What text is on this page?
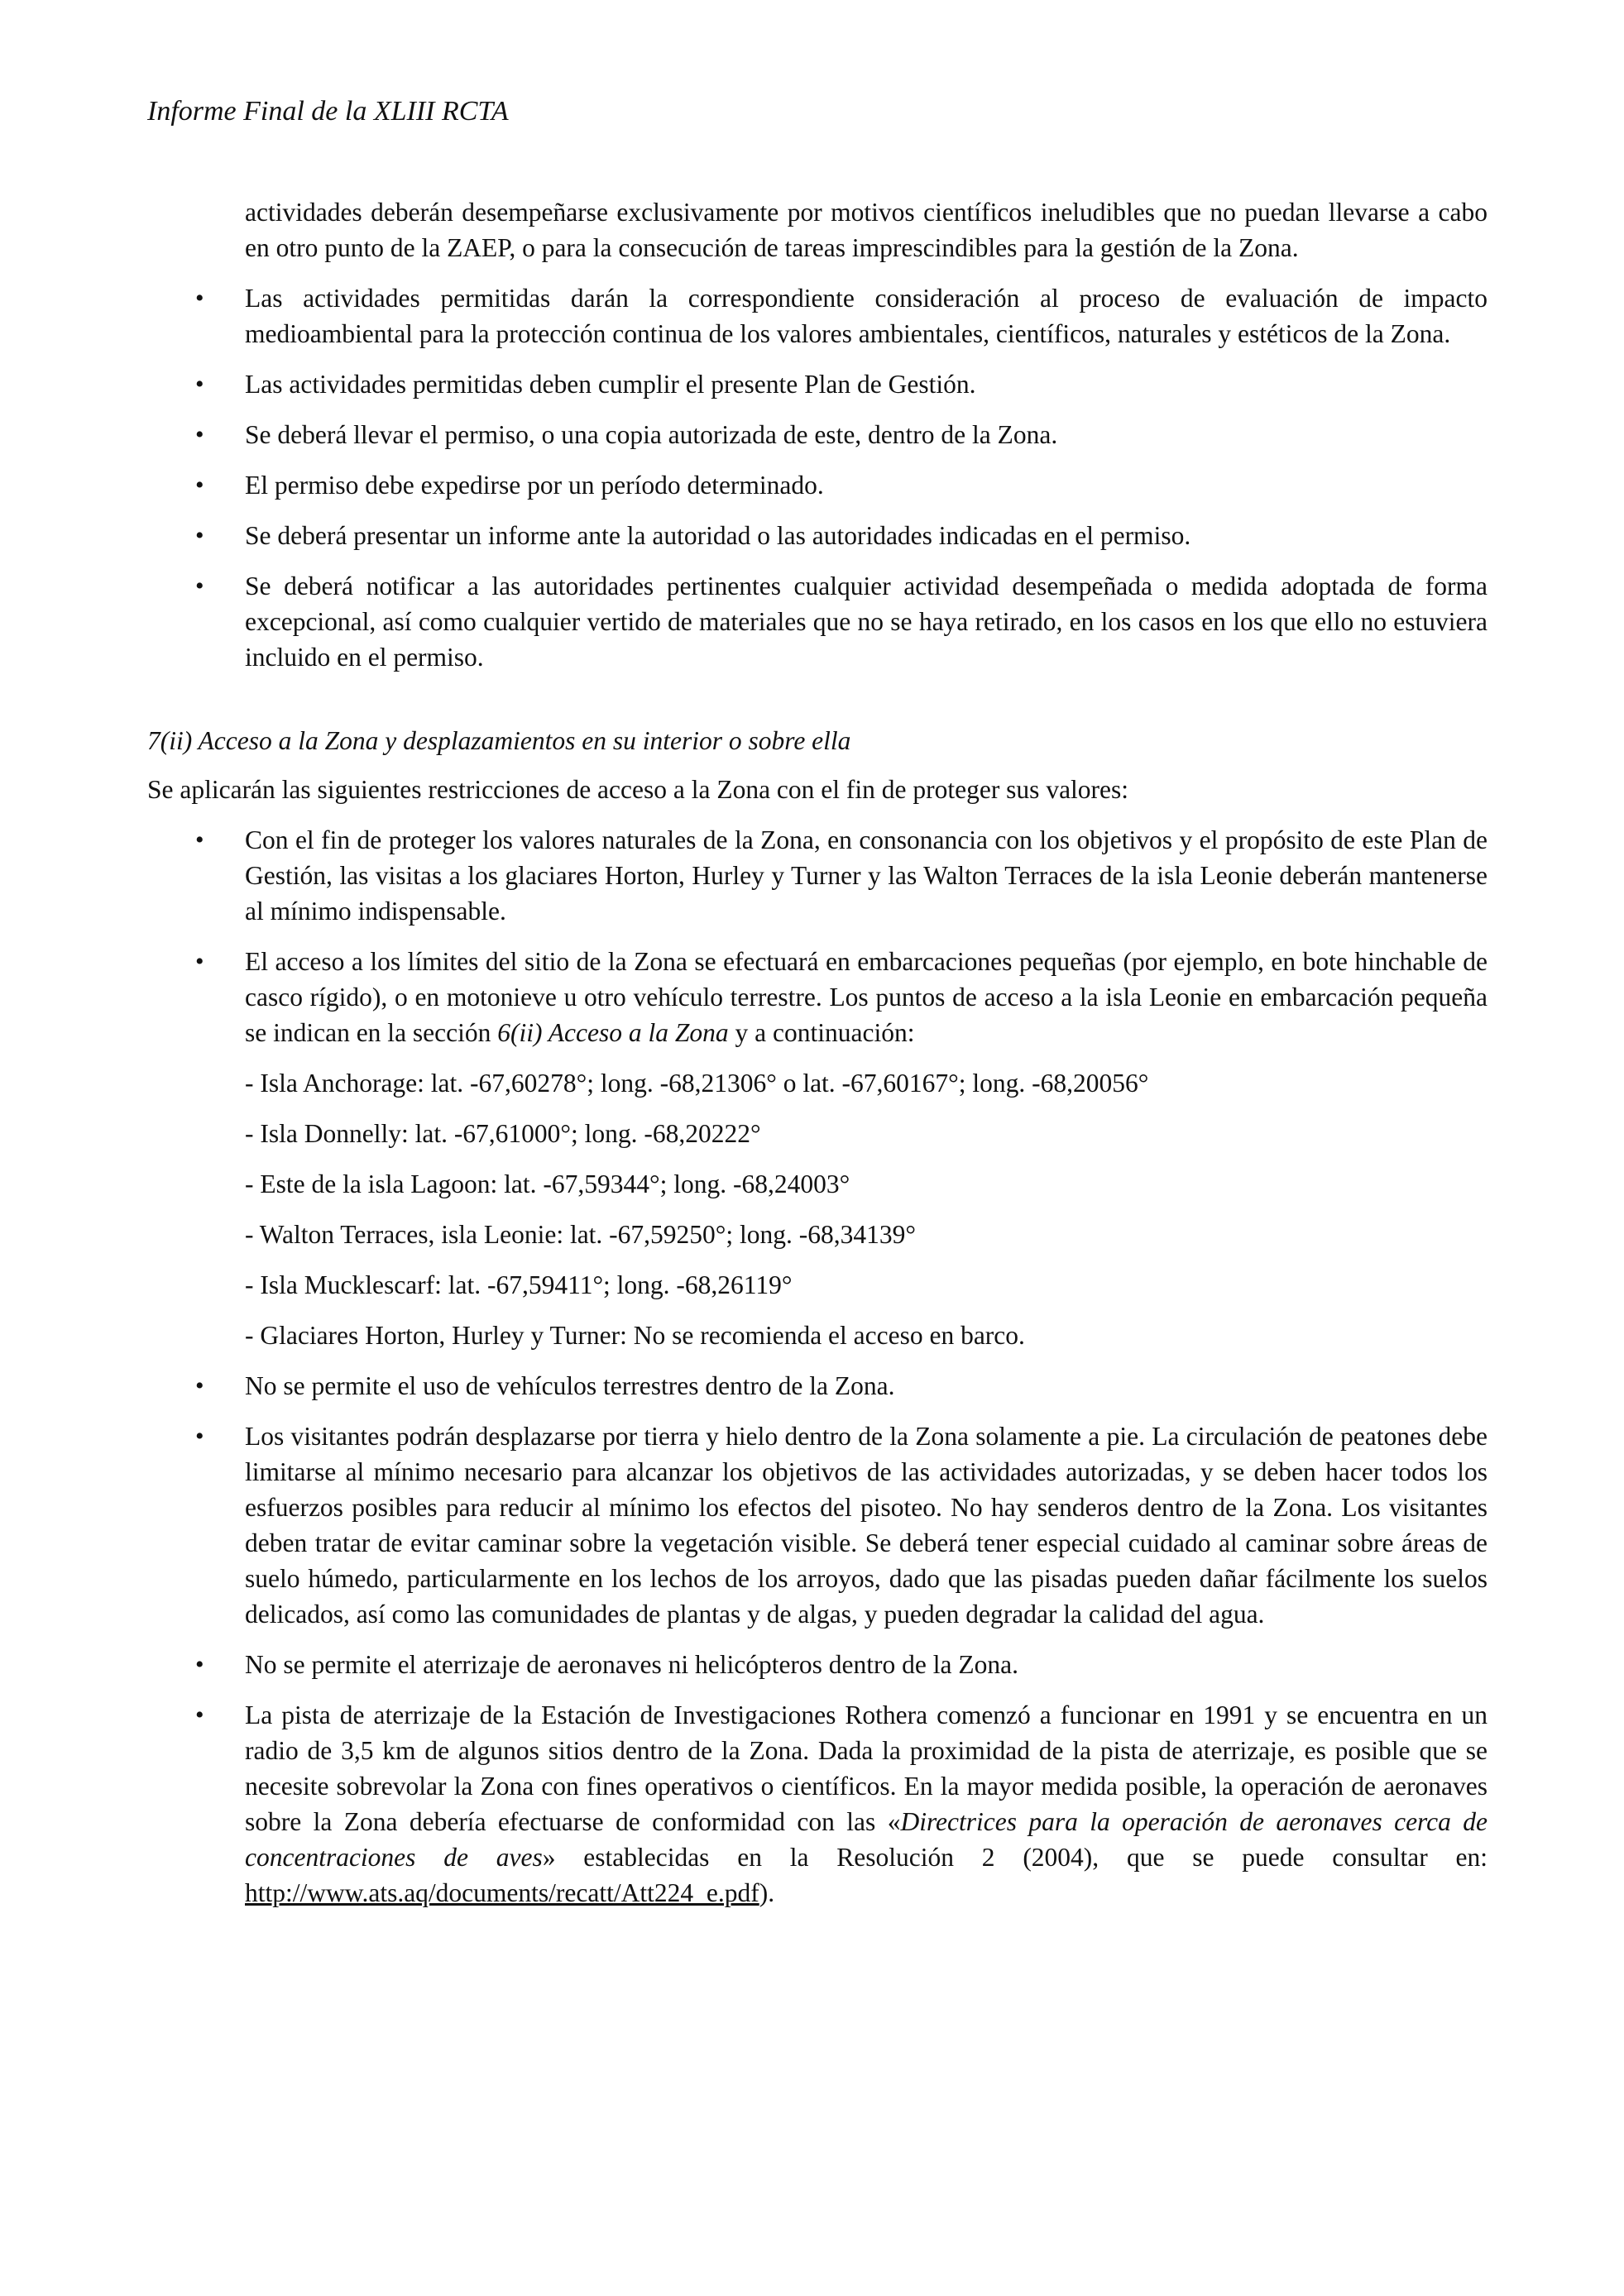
Informe Final de la XLIII RCTA

actividades deberán desempeñarse exclusivamente por motivos científicos ineludibles que no puedan llevarse a cabo en otro punto de la ZAEP, o para la consecución de tareas imprescindibles para la gestión de la Zona.

• Las actividades permitidas darán la correspondiente consideración al proceso de evaluación de impacto medioambiental para la protección continua de los valores ambientales, científicos, naturales y estéticos de la Zona.
• Las actividades permitidas deben cumplir el presente Plan de Gestión.
• Se deberá llevar el permiso, o una copia autorizada de este, dentro de la Zona.
• El permiso debe expedirse por un período determinado.
• Se deberá presentar un informe ante la autoridad o las autoridades indicadas en el permiso.
• Se deberá notificar a las autoridades pertinentes cualquier actividad desempeñada o medida adoptada de forma excepcional, así como cualquier vertido de materiales que no se haya retirado, en los casos en los que ello no estuviera incluido en el permiso.
7(ii) Acceso a la Zona y desplazamientos en su interior o sobre ella
Se aplicarán las siguientes restricciones de acceso a la Zona con el fin de proteger sus valores:
• Con el fin de proteger los valores naturales de la Zona, en consonancia con los objetivos y el propósito de este Plan de Gestión, las visitas a los glaciares Horton, Hurley y Turner y las Walton Terraces de la isla Leonie deberán mantenerse al mínimo indispensable.
• El acceso a los límites del sitio de la Zona se efectuará en embarcaciones pequeñas (por ejemplo, en bote hinchable de casco rígido), o en motonieve u otro vehículo terrestre. Los puntos de acceso a la isla Leonie en embarcación pequeña se indican en la sección 6(ii) Acceso a la Zona y a continuación:
- Isla Anchorage: lat. -67,60278°; long. -68,21306° o lat. -67,60167°; long. -68,20056°
- Isla Donnelly: lat. -67,61000°; long. -68,20222°
- Este de la isla Lagoon: lat. -67,59344°; long. -68,24003°
- Walton Terraces, isla Leonie: lat. -67,59250°; long. -68,34139°
- Isla Mucklescarf: lat. -67,59411°; long. -68,26119°
- Glaciares Horton, Hurley y Turner: No se recomienda el acceso en barco.
• No se permite el uso de vehículos terrestres dentro de la Zona.
• Los visitantes podrán desplazarse por tierra y hielo dentro de la Zona solamente a pie. La circulación de peatones debe limitarse al mínimo necesario para alcanzar los objetivos de las actividades autorizadas, y se deben hacer todos los esfuerzos posibles para reducir al mínimo los efectos del pisoteo. No hay senderos dentro de la Zona. Los visitantes deben tratar de evitar caminar sobre la vegetación visible. Se deberá tener especial cuidado al caminar sobre áreas de suelo húmedo, particularmente en los lechos de los arroyos, dado que las pisadas pueden dañar fácilmente los suelos delicados, así como las comunidades de plantas y de algas, y pueden degradar la calidad del agua.
• No se permite el aterrizaje de aeronaves ni helicópteros dentro de la Zona.
• La pista de aterrizaje de la Estación de Investigaciones Rothera comenzó a funcionar en 1991 y se encuentra en un radio de 3,5 km de algunos sitios dentro de la Zona. Dada la proximidad de la pista de aterrizaje, es posible que se necesite sobrevolar la Zona con fines operativos o científicos. En la mayor medida posible, la operación de aeronaves sobre la Zona debería efectuarse de conformidad con las «Directrices para la operación de aeronaves cerca de concentraciones de aves» establecidas en la Resolución 2 (2004), que se puede consultar en: http://www.ats.aq/documents/recatt/Att224_e.pdf).
